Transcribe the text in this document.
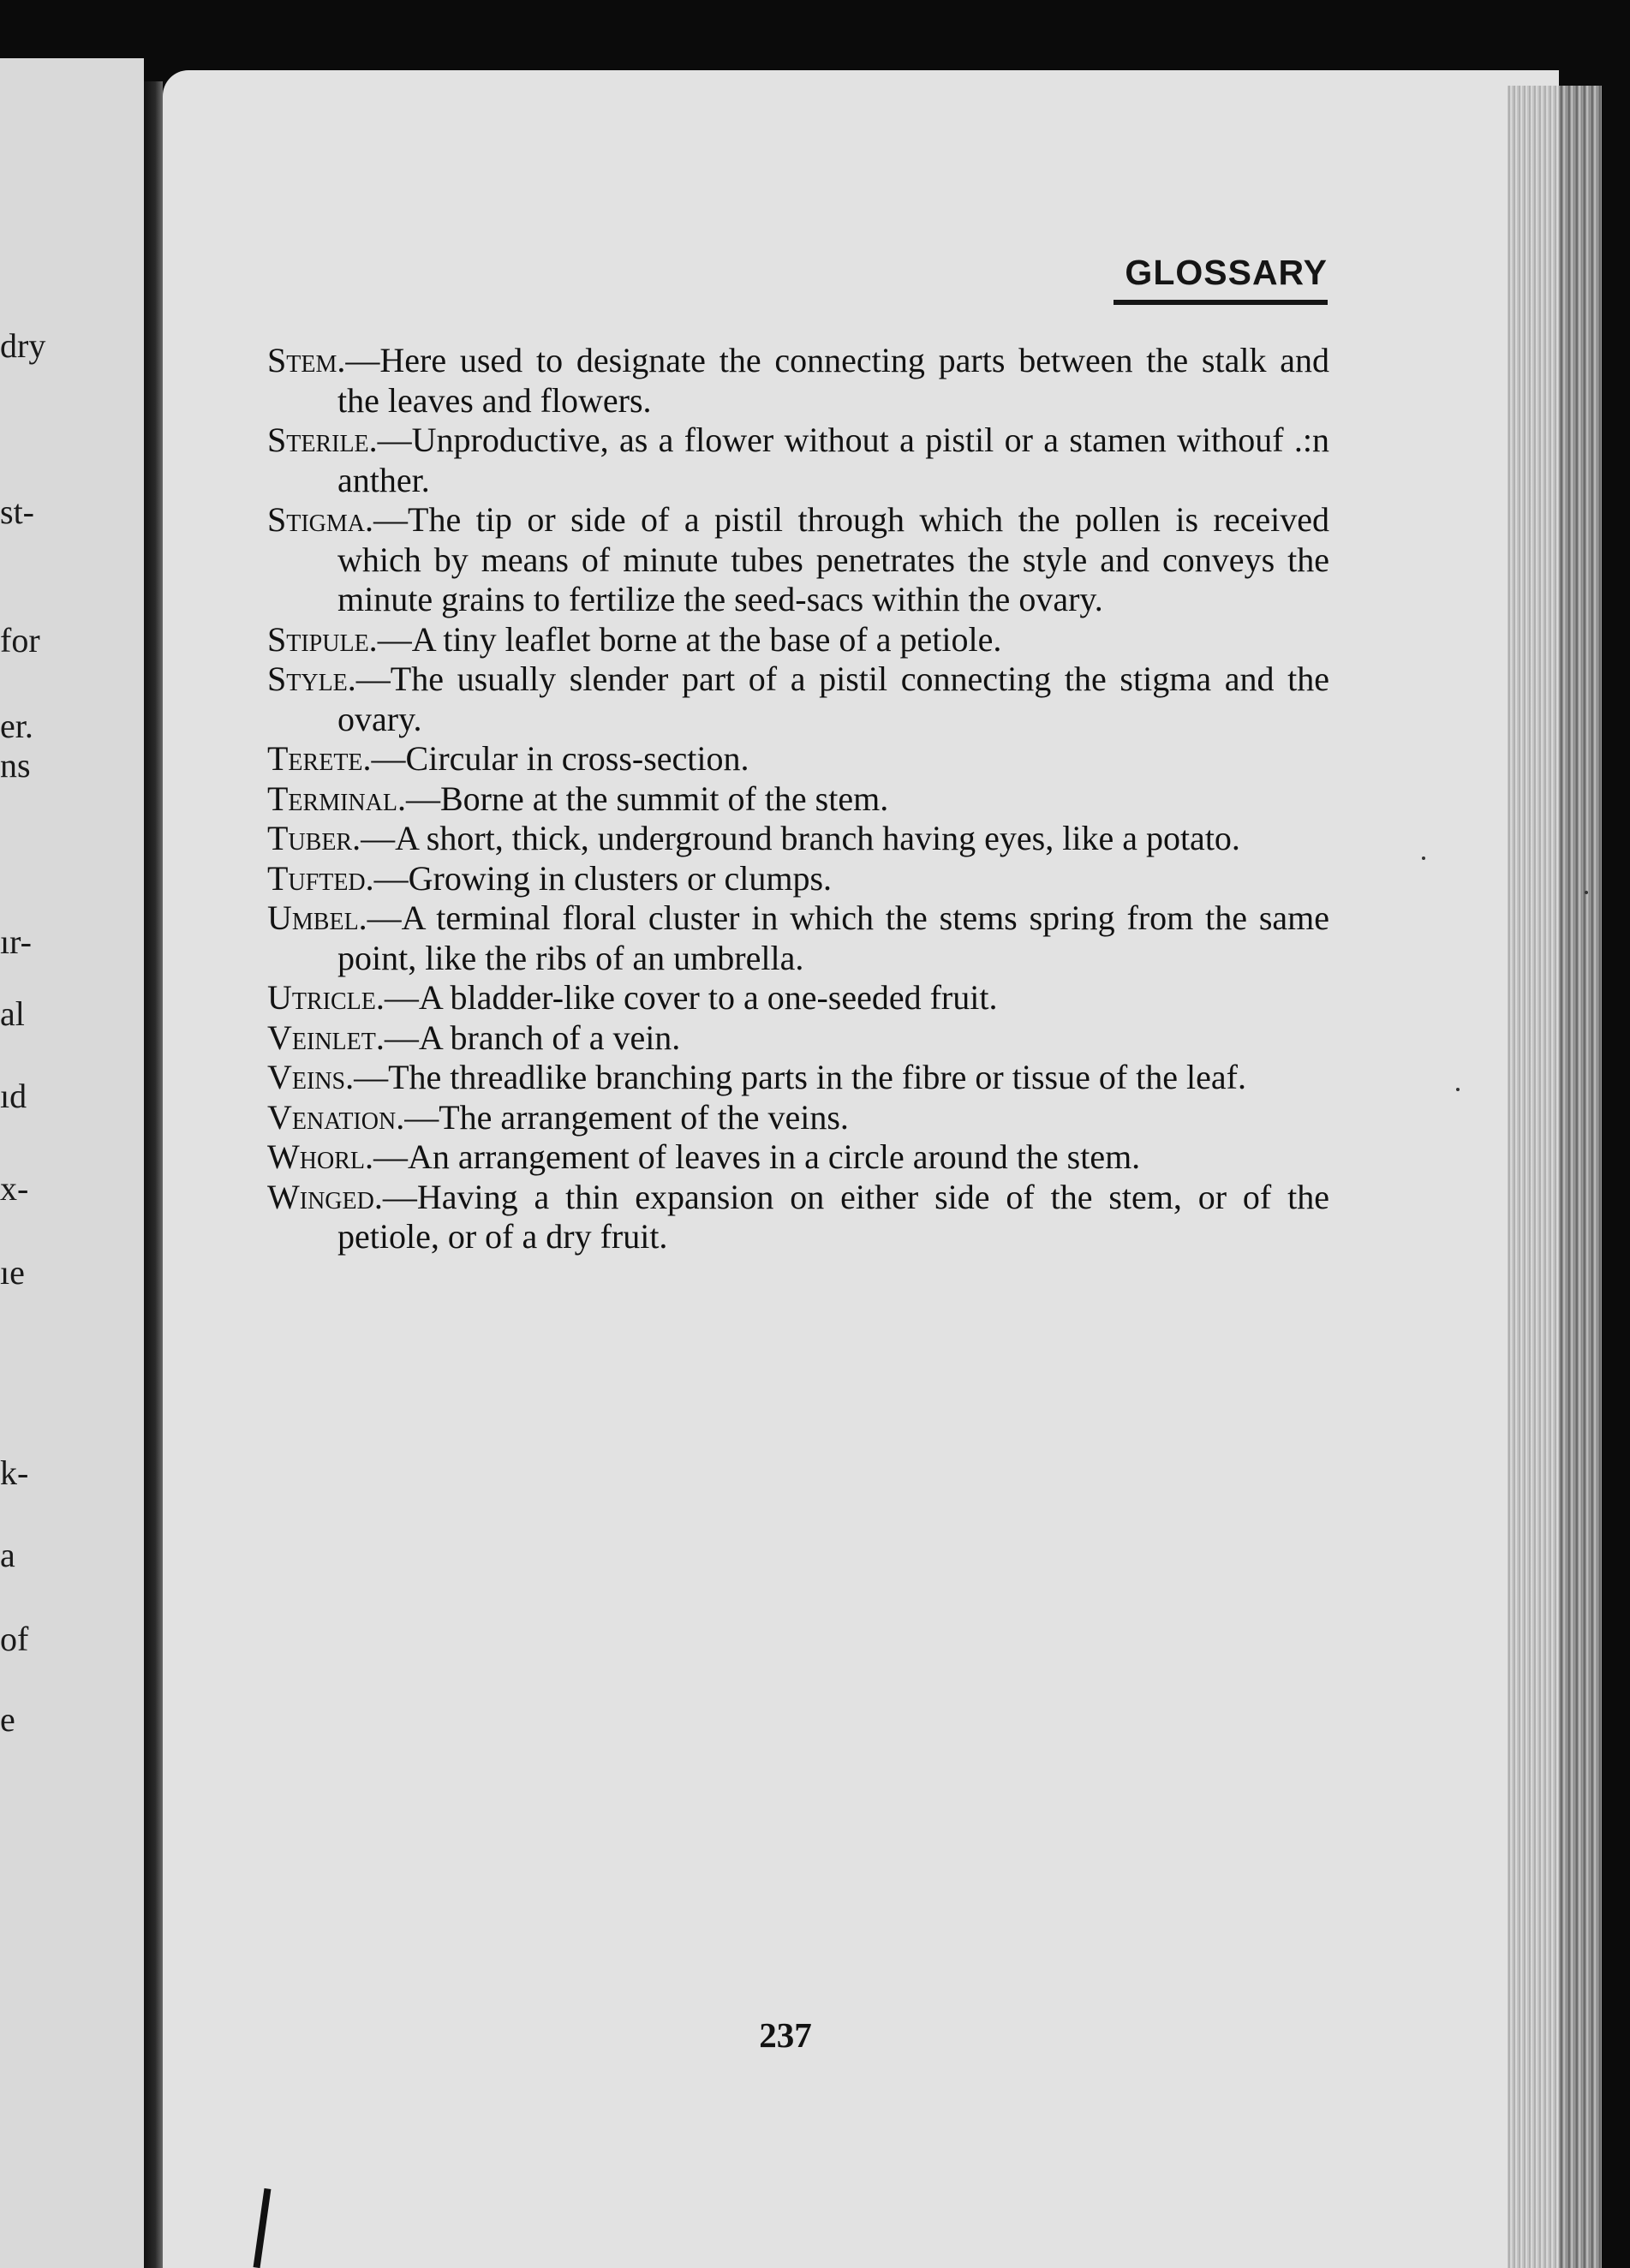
dry
st-
for
er.
ns
ır-
al
ıd
x-
ıe
k-
a
of
e
GLOSSARY
Stem.—Here used to designate the connecting parts between the stalk and the leaves and flowers.
Sterile.—Unproductive, as a flower without a pistil or a stamen withouf .:n anther.
Stigma.—The tip or side of a pistil through which the pollen is received which by means of minute tubes penetrates the style and conveys the minute grains to fertilize the seed-sacs within the ovary.
Stipule.—A tiny leaflet borne at the base of a petiole.
Style.—The usually slender part of a pistil connecting the stigma and the ovary.
Terete.—Circular in cross-section.
Terminal.—Borne at the summit of the stem.
Tuber.—A short, thick, underground branch having eyes, like a potato.
Tufted.—Growing in clusters or clumps.
Umbel.—A terminal floral cluster in which the stems spring from the same point, like the ribs of an umbrella.
Utricle.—A bladder-like cover to a one-seeded fruit.
Veinlet.—A branch of a vein.
Veins.—The threadlike branching parts in the fibre or tissue of the leaf.
Venation.—The arrangement of the veins.
Whorl.—An arrangement of leaves in a circle around the stem.
Winged.—Having a thin expansion on either side of the stem, or of the petiole, or of a dry fruit.
237
